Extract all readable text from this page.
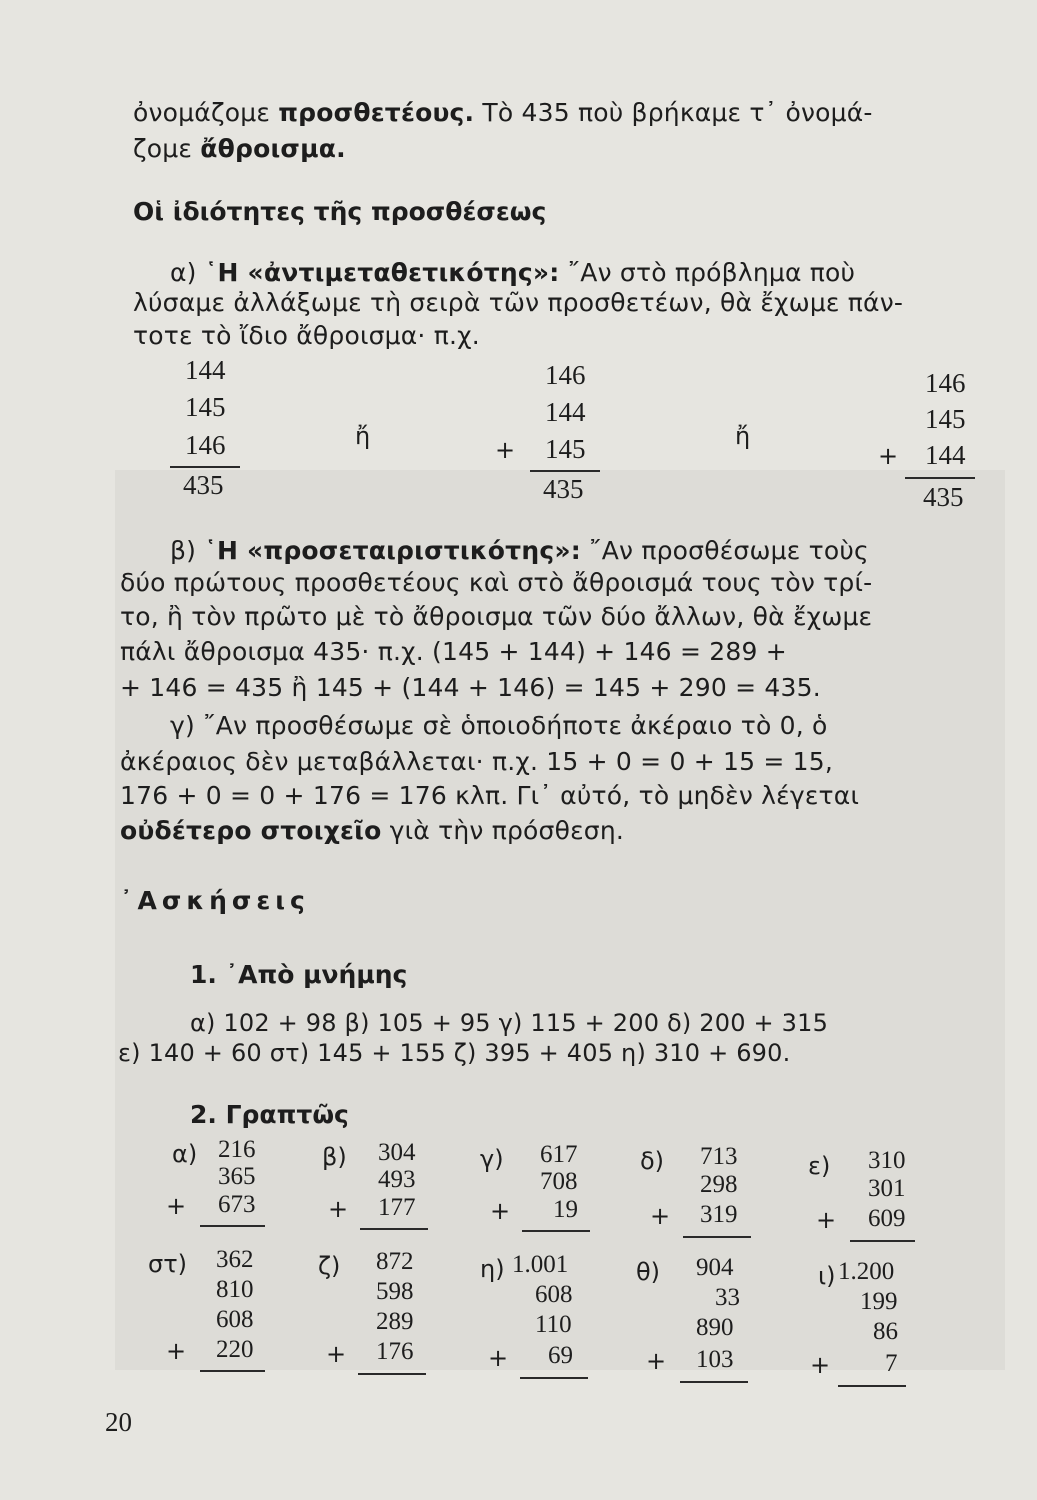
ὀνομάζομε προσθετέους. Τὸ 435 ποὺ βρήκαμε τ᾿ ὀνομά-
ζομε ἄθροισμα.
Οἱ ἰδιότητες τῆς προσθέσεως
α) ῾Η «ἀντιμεταθετικότης»: ῎Αν στὸ πρόβλημα ποὺ
λύσαμε ἀλλάξωμε τὴ σειρὰ τῶν προσθετέων, θὰ ἔχωμε πάν-
τοτε τὸ ἴδιο ἄθροισμα· π.χ.
144
145
146
435
ἤ
146
144
+ 145
435
ἤ
146
145
+ 144
435
β) ῾Η «προσεταιριστικότης»: ῎Αν προσθέσωμε τοὺς
δύο πρώτους προσθετέους καὶ στὸ ἄθροισμά τους τὸν τρί-
το, ἢ τὸν πρῶτο μὲ τὸ ἄθροισμα τῶν δύο ἄλλων, θὰ ἔχωμε
πάλι ἄθροισμα 435· π.χ. (145 + 144) + 146 = 289 +
+ 146 = 435 ἢ 145 + (144 + 146) = 145 + 290 = 435.
γ) ῎Αν προσθέσωμε σὲ ὁποιοδήποτε ἀκέραιο τὸ 0, ὁ
ἀκέραιος δὲν μεταβάλλεται· π.χ. 15 + 0 = 0 + 15 = 15,
176 + 0 = 0 + 176 = 176 κλπ. Γι᾿ αὐτό, τὸ μηδὲν λέγεται
οὐδέτερο στοιχεῖο γιὰ τὴν πρόσθεση.
᾿Ασκήσεις
1. ᾿Απὸ μνήμης
α) 102 + 98 β) 105 + 95 γ) 115 + 200 δ) 200 + 315
ε) 140 + 60 στ) 145 + 155 ζ) 395 + 405 η) 310 + 690.
2. Γραπτῶς
α) 216
365
+ 673
β) 304
493
+ 177
γ) 617
708
+ 19
δ) 713
298
+ 319
ε) 310
301
+ 609
στ) 362
810
608
+ 220
ζ) 872
598
289
+ 176
η) 1.001
608
110
+ 69
θ) 904
33
890
+ 103
ι) 1.200
199
86
+ 7
20
